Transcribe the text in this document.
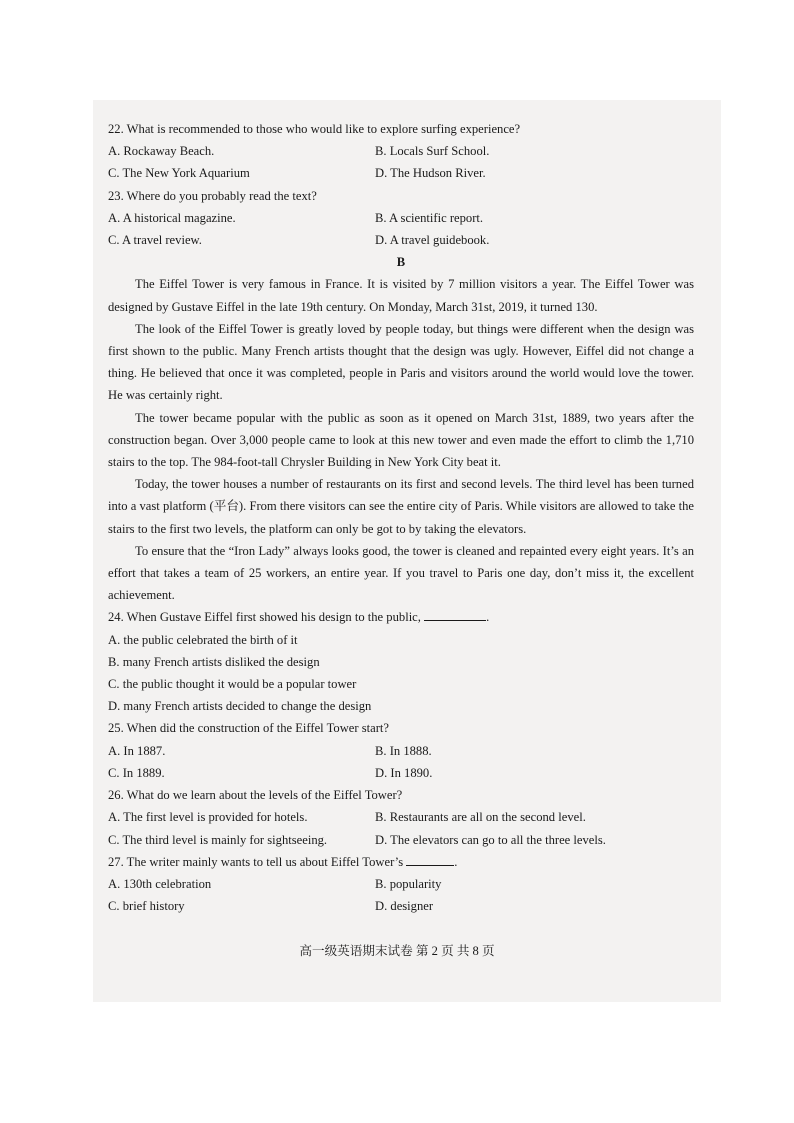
22. What is recommended to those who would like to explore surfing experience?
A. Rockaway Beach.	B. Locals Surf School.
C. The New York Aquarium	D. The Hudson River.
23. Where do you probably read the text?
A. A historical magazine.	B. A scientific report.
C. A travel review.	D. A travel guidebook.
B

The Eiffel Tower is very famous in France. It is visited by 7 million visitors a year. The Eiffel Tower was designed by Gustave Eiffel in the late 19th century. On Monday, March 31st, 2019, it turned 130.

The look of the Eiffel Tower is greatly loved by people today, but things were different when the design was first shown to the public. Many French artists thought that the design was ugly. However, Eiffel did not change a thing. He believed that once it was completed, people in Paris and visitors around the world would love the tower. He was certainly right.

The tower became popular with the public as soon as it opened on March 31st, 1889, two years after the construction began. Over 3,000 people came to look at this new tower and even made the effort to climb the 1,710 stairs to the top. The 984-foot-tall Chrysler Building in New York City beat it.

Today, the tower houses a number of restaurants on its first and second levels. The third level has been turned into a vast platform (平台). From there visitors can see the entire city of Paris. While visitors are allowed to take the stairs to the first two levels, the platform can only be got to by taking the elevators.

To ensure that the “Iron Lady” always looks good, the tower is cleaned and repainted every eight years. It’s an effort that takes a team of 25 workers, an entire year. If you travel to Paris one day, don’t miss it, the excellent achievement.

24. When Gustave Eiffel first showed his design to the public,	.
A. the public celebrated the birth of it
B. many French artists disliked the design
C. the public thought it would be a popular tower
D. many French artists decided to change the design
25. When did the construction of the Eiffel Tower start?
A. In 1887.	B. In 1888.
C. In 1889.	D. In 1890.
26. What do we learn about the levels of the Eiffel Tower?
A. The first level is provided for hotels.	B. Restaurants are all on the second level.
C. The third level is mainly for sightseeing.	D. The elevators can go to all the three levels.
27. The writer mainly wants to tell us about Eiffel Tower’s	.
A. 130th celebration	B. popularity
C. brief history	D. designer
高一级英语期末试卷 第 2 页 共 8 页
